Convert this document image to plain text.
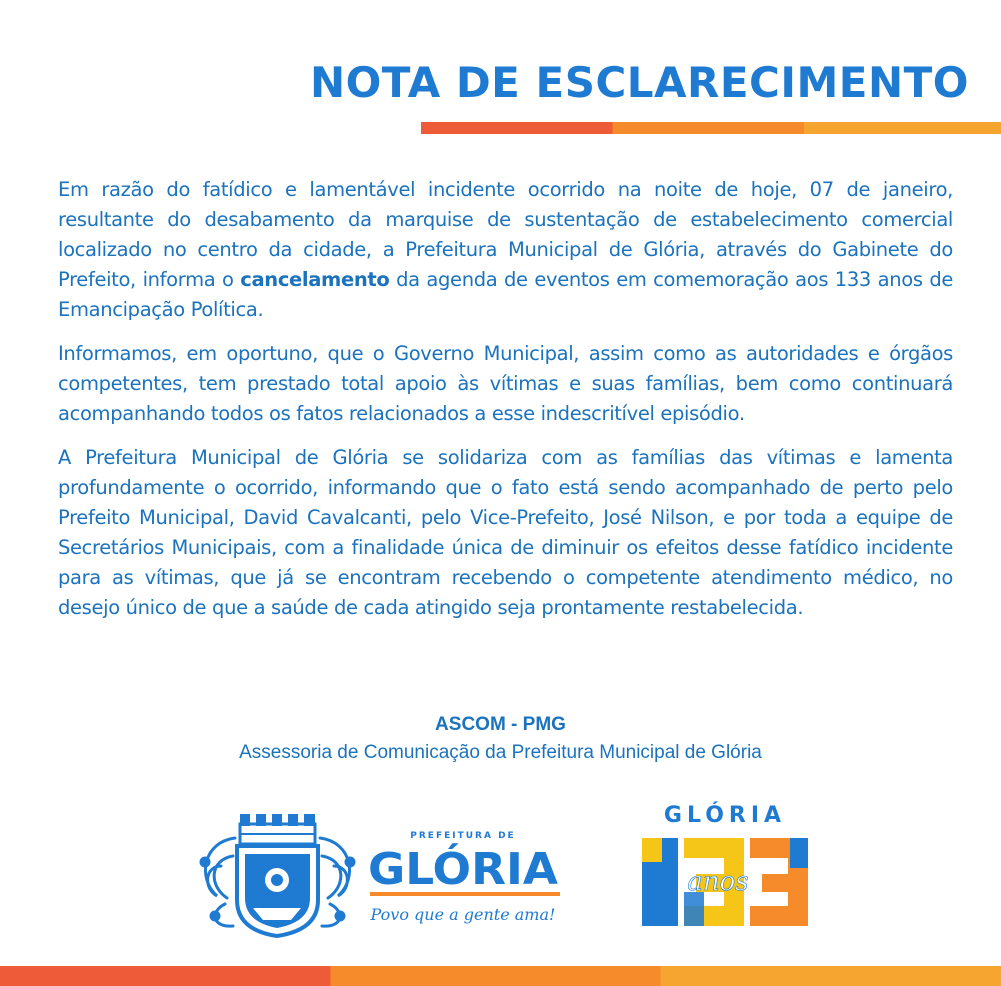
NOTA DE ESCLARECIMENTO

Em razão do fatídico e lamentável incidente ocorrido na noite de hoje, 07 de janeiro, resultante do desabamento da marquise de sustentação de estabelecimento comercial localizado no centro da cidade, a Prefeitura Municipal de Glória, através do Gabinete do Prefeito, informa o cancelamento da agenda de eventos em comemoração aos 133 anos de Emancipação Política.

Informamos, em oportuno, que o Governo Municipal, assim como as autoridades e órgãos competentes, tem prestado total apoio às vítimas e suas famílias, bem como continuará acompanhando todos os fatos relacionados a esse indescritível episódio.

A Prefeitura Municipal de Glória se solidariza com as famílias das vítimas e lamenta profundamente o ocorrido, informando que o fato está sendo acompanhado de perto pelo Prefeito Municipal, David Cavalcanti, pelo Vice-Prefeito, José Nilson, e por toda a equipe de Secretários Municipais, com a finalidade única de diminuir os efeitos desse fatídico incidente para as vítimas, que já se encontram recebendo o competente atendimento médico, no desejo único de que a saúde de cada atingido seja prontamente restabelecida.

ASCOM - PMG
Assessoria de Comunicação da Prefeitura Municipal de Glória
PREFEITURA DE
GLÓRIA
Povo que a gente ama!
GLÓRIA
anos
